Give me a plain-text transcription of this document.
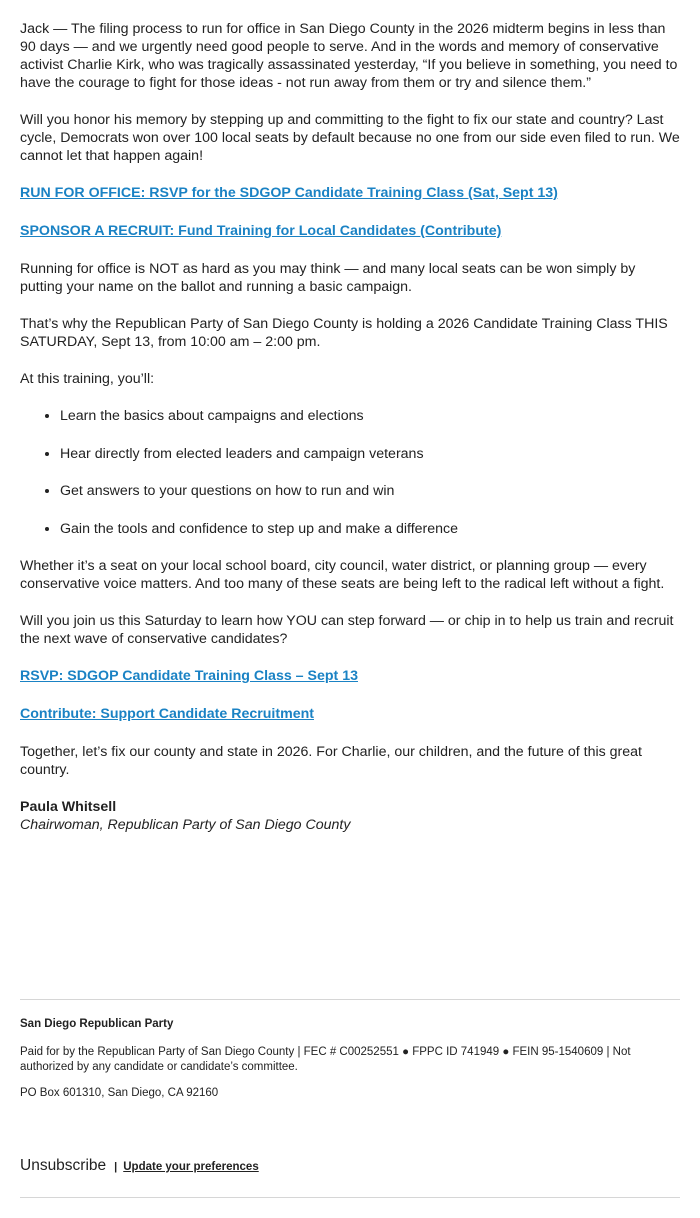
Jack — The filing process to run for office in San Diego County in the 2026 midterm begins in less than 90 days — and we urgently need good people to serve. And in the words and memory of conservative activist Charlie Kirk, who was tragically assassinated yesterday, “If you believe in something, you need to have the courage to fight for those ideas - not run away from them or try and silence them.”

Will you honor his memory by stepping up and committing to the fight to fix our state and country? Last cycle, Democrats won over 100 local seats by default because no one from our side even filed to run. We cannot let that happen again!

RUN FOR OFFICE: RSVP for the SDGOP Candidate Training Class (Sat, Sept 13)
SPONSOR A RECRUIT: Fund Training for Local Candidates (Contribute)

Running for office is NOT as hard as you may think — and many local seats can be won simply by putting your name on the ballot and running a basic campaign.

That’s why the Republican Party of San Diego County is holding a 2026 Candidate Training Class THIS SATURDAY, Sept 13, from 10:00 am – 2:00 pm.

At this training, you’ll:

• Learn the basics about campaigns and elections
• Hear directly from elected leaders and campaign veterans
• Get answers to your questions on how to run and win
• Gain the tools and confidence to step up and make a difference

Whether it’s a seat on your local school board, city council, water district, or planning group — every conservative voice matters. And too many of these seats are being left to the radical left without a fight.

Will you join us this Saturday to learn how YOU can step forward — or chip in to help us train and recruit the next wave of conservative candidates?

RSVP: SDGOP Candidate Training Class – Sept 13
Contribute: Support Candidate Recruitment

Together, let’s fix our county and state in 2026. For Charlie, our children, and the future of this great country.

Paula Whitsell

Chairwoman, Republican Party of San Diego County

San Diego Republican Party

Paid for by the Republican Party of San Diego County | FEC # C00252551 ● FPPC ID 741949 ● FEIN 95-1540609 | Not authorized by any candidate or candidate’s committee.

PO Box 601310, San Diego, CA 92160

Unsubscribe | Update your preferences
